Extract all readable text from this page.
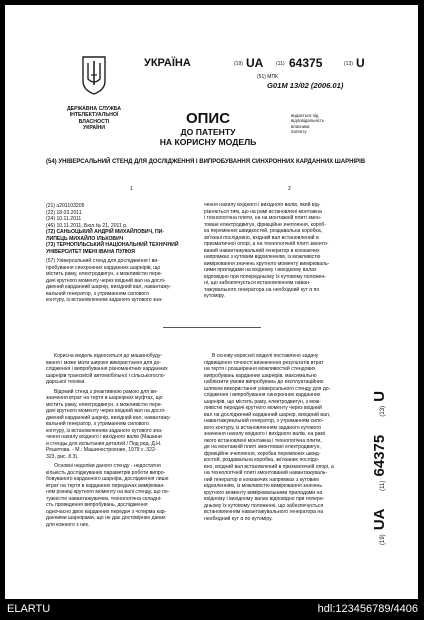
ДЕРЖАВНА СЛУЖБА
ІНТЕЛЕКТУАЛЬНОЇ
ВЛАСНОСТІ
УКРАЇНИ
УКРАЇНА	(19) UA	(11) 64375	(13) U
(51) МПК
G01M 13/02 (2006.01)
ОПИС
ДО ПАТЕНТУ
НА КОРИСНУ МОДЕЛЬ
видається під
відповідальність
власника
патенту
(54) УНІВЕРСАЛЬНИЙ СТЕНД ДЛЯ ДОСЛІДЖЕННЯ І ВИПРОБУВАННЯ СИНХРОННИХ КАРДАННИХ ШАРНІРІВ
1	2
(21) u201103205
(22) 18.03.2011
(24) 10.11.2011
(46) 10.11.2011, Бюл.№ 21, 2011 р.
(72) САНЬОЦЬКИЙ АНДРІЙ МИХАЙЛОВИЧ, ПИ-
ЛИПЕЦЬ МИХАЙЛО ІЛЬКОВИЧ
(73) ТЕРНОПІЛЬСЬКИЙ НАЦІОНАЛЬНИЙ ТЕХНІЧНИЙ УНІВЕРСИТЕТ ІМЕНІ ІВАНА ПУЛЮЯ
(57) Універсальний стенд для дослідження і ви-
пробування синхронних карданних шарнірів, що
містить раму, електродвигун, з можливістю пере-
дачі крутного моменту через вхідний вал на дослі-
джений карданний шарнір, вихідний вал, навантажу-
вальний генератор, з утриманням силового
контуру, із встановленням заданого кутового зна-
чення нахилу вхідного і вихідного валів, який від-
різняється тим, що на рамі встановлені монтажна
і технологічна плити, на на монтажній плиті змон-
товані електродвигун, фрикційне зчеплення, короб-
ка перемінних швидкостей, роздавальна коробка,
зв'язані послідовно, вхідний вал встановлений в
призматичної опорі, а на технологічній плиті змонто-
ваний навантажувальний генератор в коязаючих
напрямках з кутовим відхиленням, із можливістю
вимірювання значень крутного моменту вимірюваль-
ними приладами на вхідному і вихідному валах
відповідно при попередньому їх кутовому положен-
ні, що забезпечується встановленням наван-
тажувального генератора на необхідний кут α по
кутоміру.
Корисна модель відноситься до машинобуду-
вання і може мати широке використання для до-
слідження і випробування різноманітних карданних
шарнірів трансмісій автомобільної і сільськогоспо-
дарської техніки.
Відомий стенд з реактивною рамою для ви-
значення втрат на тертя в шарнірних муфтах, що
містить раму, електродвигун, з можливістю пере-
дачі крутного моменту через вхідний вал на дослі-
джений карданний шарнір, вихідний вал, навантажу-
вальний генератор, з утриманням силового
контуру, із встановленням заданого кутового зна-
чення нахилу вхідного і вихідного валів (Машини
и стенды для испытания деталей / Под ред. Д.Н.
Решетова. - М.: Машиностроение, 1979 с. 322-
323, рис. 8.3).
Основні недоліки даного стенду - недостатня
кількість досліджуваних параметрів роботи випро-
бовуваного карданного шарніра, дослідження лише
втрат на тертя в карданних передачах вимірюван-
ням різниці крутного моменту на валі стенду, що по-
тужністю навантажувачем, технологічна складні-
сть проведення випробувань, дослідження
одночасно двох карданних передач з чотирма кар-
данними шарнірами, що не дає достовірних даних
для кожного з них.
В основу корисної моделі поставлено задачу
підвищення точності визначення результатів втрат
на тертя і розширення можливостей стендових
випробувань карданних шарнірів, максимально
наблизити умови випробувань до експлуатаційних
шляхом використання універсального стенду для до-
слідження і випробування синхронних карданних
шарнірів, що містить раму, електродвигун, з мож-
ливістю передачі крутного моменту через вхідний
вал на досліджений карданний шарнір, вихідний вал,
навантажувальний генератор, з утриманням сило-
вого контуру, із встановленням заданого кутового
значення нахилу вхідного і вихідного валів, на рамі
якого встановлені монтажна і технологічна плити,
де на монтажній плиті змонтовані електродвигун,
фрикційне зчеплення, коробка перемінних швид-
костей, роздавальна коробка, зв'язаних послідо-
вно, вхідний вал встановлений в призматичній опорі, а
на технологічній плиті змонтований навантажуваль-
ний генератор в коязаючих напрямках з кутовим
відхиленням, із можливістю вимірювання значень
крутного моменту вимірювальними приладами на
вхідному і вихідному валах відповідно при попере-
дньому їх кутовому положенні, що забезпечується
встановленням навантажувального генератора на
необхідний кут α по кутоміру.
(19) UA (11) 64375 (13) U
ELARTU	hdl:123456789/4406
